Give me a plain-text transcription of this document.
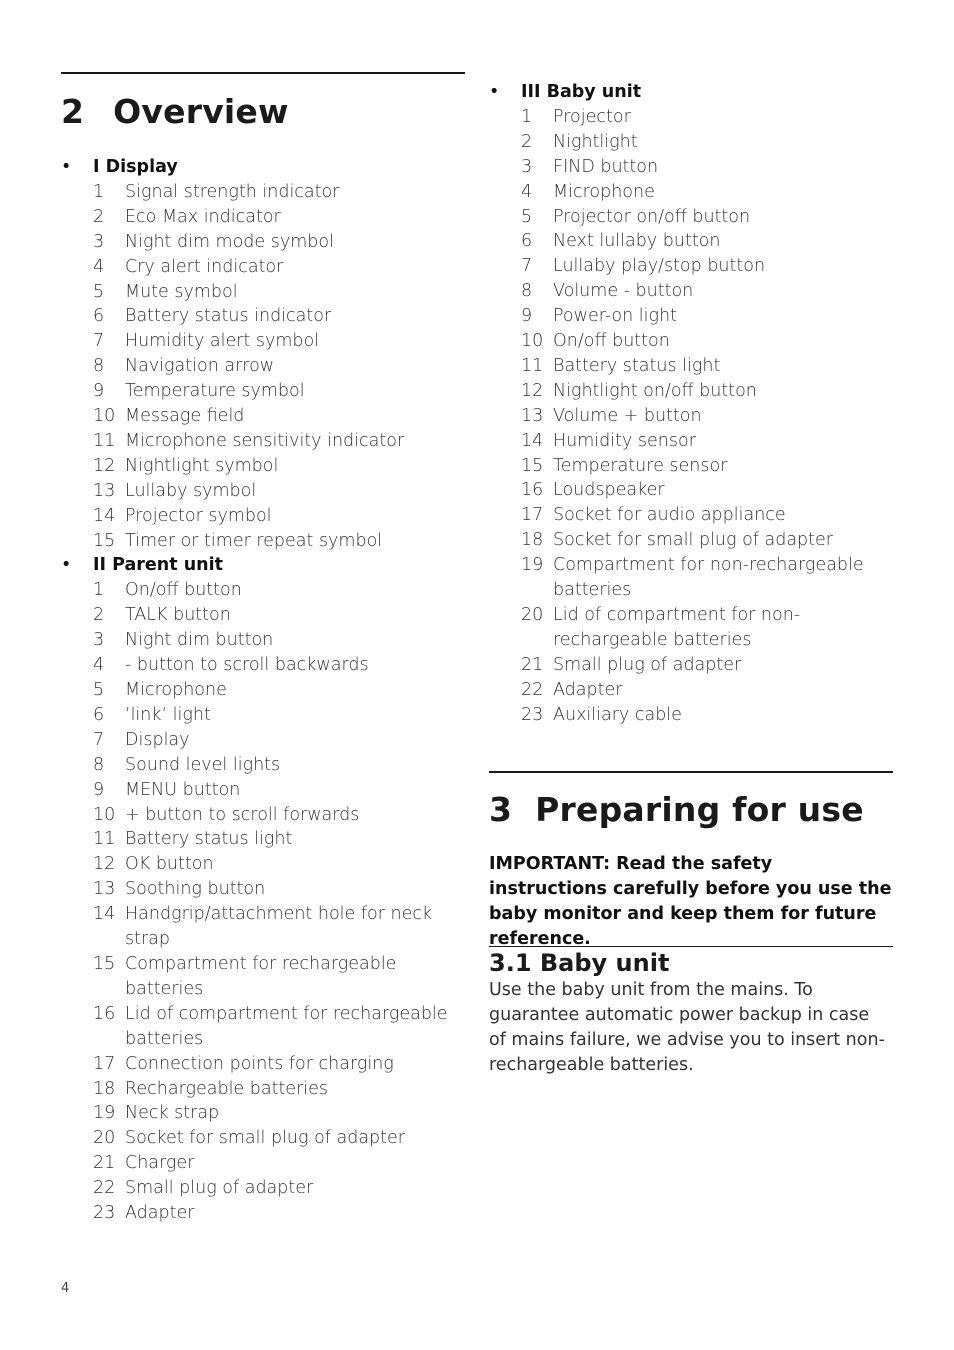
2 Overview
• I Display
1 Signal strength indicator
2 Eco Max indicator
3 Night dim mode symbol
4 Cry alert indicator
5 Mute symbol
6 Battery status indicator
7 Humidity alert symbol
8 Navigation arrow
9 Temperature symbol
10 Message field
11 Microphone sensitivity indicator
12 Nightlight symbol
13 Lullaby symbol
14 Projector symbol
15 Timer or timer repeat symbol
• II Parent unit
1 On/off button
2 TALK button
3 Night dim button
4 - button to scroll backwards
5 Microphone
6 ’link’ light
7 Display
8 Sound level lights
9 MENU button
10 + button to scroll forwards
11 Battery status light
12 OK button
13 Soothing button
14 Handgrip/attachment hole for neck strap
15 Compartment for rechargeable batteries
16 Lid of compartment for rechargeable batteries
17 Connection points for charging
18 Rechargeable batteries
19 Neck strap
20 Socket for small plug of adapter
21 Charger
22 Small plug of adapter
23 Adapter
• III Baby unit
1 Projector
2 Nightlight
3 FIND button
4 Microphone
5 Projector on/off button
6 Next lullaby button
7 Lullaby play/stop button
8 Volume - button
9 Power-on light
10 On/off button
11 Battery status light
12 Nightlight on/off button
13 Volume + button
14 Humidity sensor
15 Temperature sensor
16 Loudspeaker
17 Socket for audio appliance
18 Socket for small plug of adapter
19 Compartment for non-rechargeable batteries
20 Lid of compartment for non-rechargeable batteries
21 Small plug of adapter
22 Adapter
23 Auxiliary cable
3 Preparing for use

IMPORTANT: Read the safety instructions carefully before you use the baby monitor and keep them for future reference.

3.1 Baby unit

Use the baby unit from the mains. To guarantee automatic power backup in case of mains failure, we advise you to insert non-rechargeable batteries.

4
